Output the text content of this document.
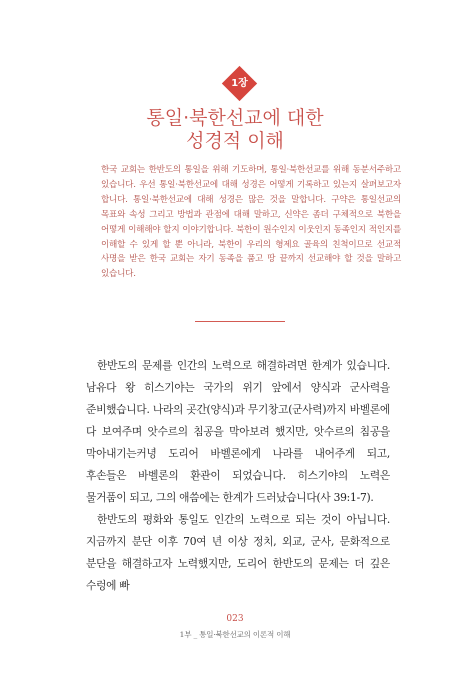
1장
통일·북한선교에 대한
성경적 이해

한국 교회는 한반도의 통일을 위해 기도하며, 통일·북한선교를 위해 동분서주하고 있습니다. 우선 통일·북한선교에 대해 성경은 어떻게 기록하고 있는지 살펴보고자 합니다. 통일·북한선교에 대해 성경은 많은 것을 말합니다. 구약은 통일선교의 목표와 속성 그리고 방법과 관점에 대해 말하고, 신약은 좀더 구체적으로 북한을 어떻게 이해해야 할지 이야기합니다. 북한이 원수인지 이웃인지 동족인지 적인지를 이해할 수 있게 할 뿐 아니라, 북한이 우리의 형제요 골육의 친척이므로 선교적 사명을 받은 한국 교회는 자기 동족을 품고 땅 끝까지 선교해야 할 것을 말하고 있습니다.

한반도의 문제를 인간의 노력으로 해결하려면 한계가 있습니다. 남유다 왕 히스기야는 국가의 위기 앞에서 양식과 군사력을 준비했습니다. 나라의 곳간(양식)과 무기창고(군사력)까지 바벨론에 다 보여주며 앗수르의 침공을 막아보려 했지만, 앗수르의 침공을 막아내기는커녕 도리어 바벨론에게 나라를 내어주게 되고, 후손들은 바벨론의 환관이 되었습니다. 히스기야의 노력은 물거품이 되고, 그의 애씀에는 한계가 드러났습니다(사 39:1-7).

한반도의 평화와 통일도 인간의 노력으로 되는 것이 아닙니다. 지금까지 분단 이후 70여 년 이상 정치, 외교, 군사, 문화적으로 분단을 해결하고자 노력했지만, 도리어 한반도의 문제는 더 깊은 수렁에 빠

023
1부 _ 통일·북한선교의 이론적 이해
